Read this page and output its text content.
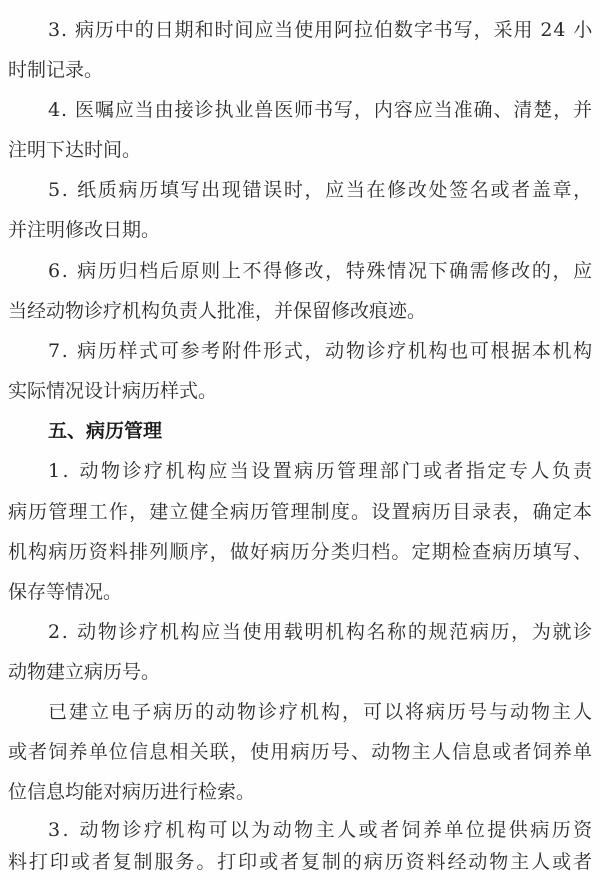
3. 病历中的日期和时间应当使用阿拉伯数字书写，采用 24 小
时制记录。
4. 医嘱应当由接诊执业兽医师书写，内容应当准确、清楚，并
注明下达时间。
5. 纸质病历填写出现错误时，应当在修改处签名或者盖章，
并注明修改日期。
6. 病历归档后原则上不得修改，特殊情况下确需修改的，应
当经动物诊疗机构负责人批准，并保留修改痕迹。
7. 病历样式可参考附件形式，动物诊疗机构也可根据本机构
实际情况设计病历样式。
五、病历管理
1. 动物诊疗机构应当设置病历管理部门或者指定专人负责
病历管理工作，建立健全病历管理制度。设置病历目录表，确定本
机构病历资料排列顺序，做好病历分类归档。定期检查病历填写、
保存等情况。
2. 动物诊疗机构应当使用载明机构名称的规范病历，为就诊
动物建立病历号。
已建立电子病历的动物诊疗机构，可以将病历号与动物主人
或者饲养单位信息相关联，使用病历号、动物主人信息或者饲养单
位信息均能对病历进行检索。
3. 动物诊疗机构可以为动物主人或者饲养单位提供病历资
料打印或者复制服务。打印或者复制的病历资料经动物主人或者
